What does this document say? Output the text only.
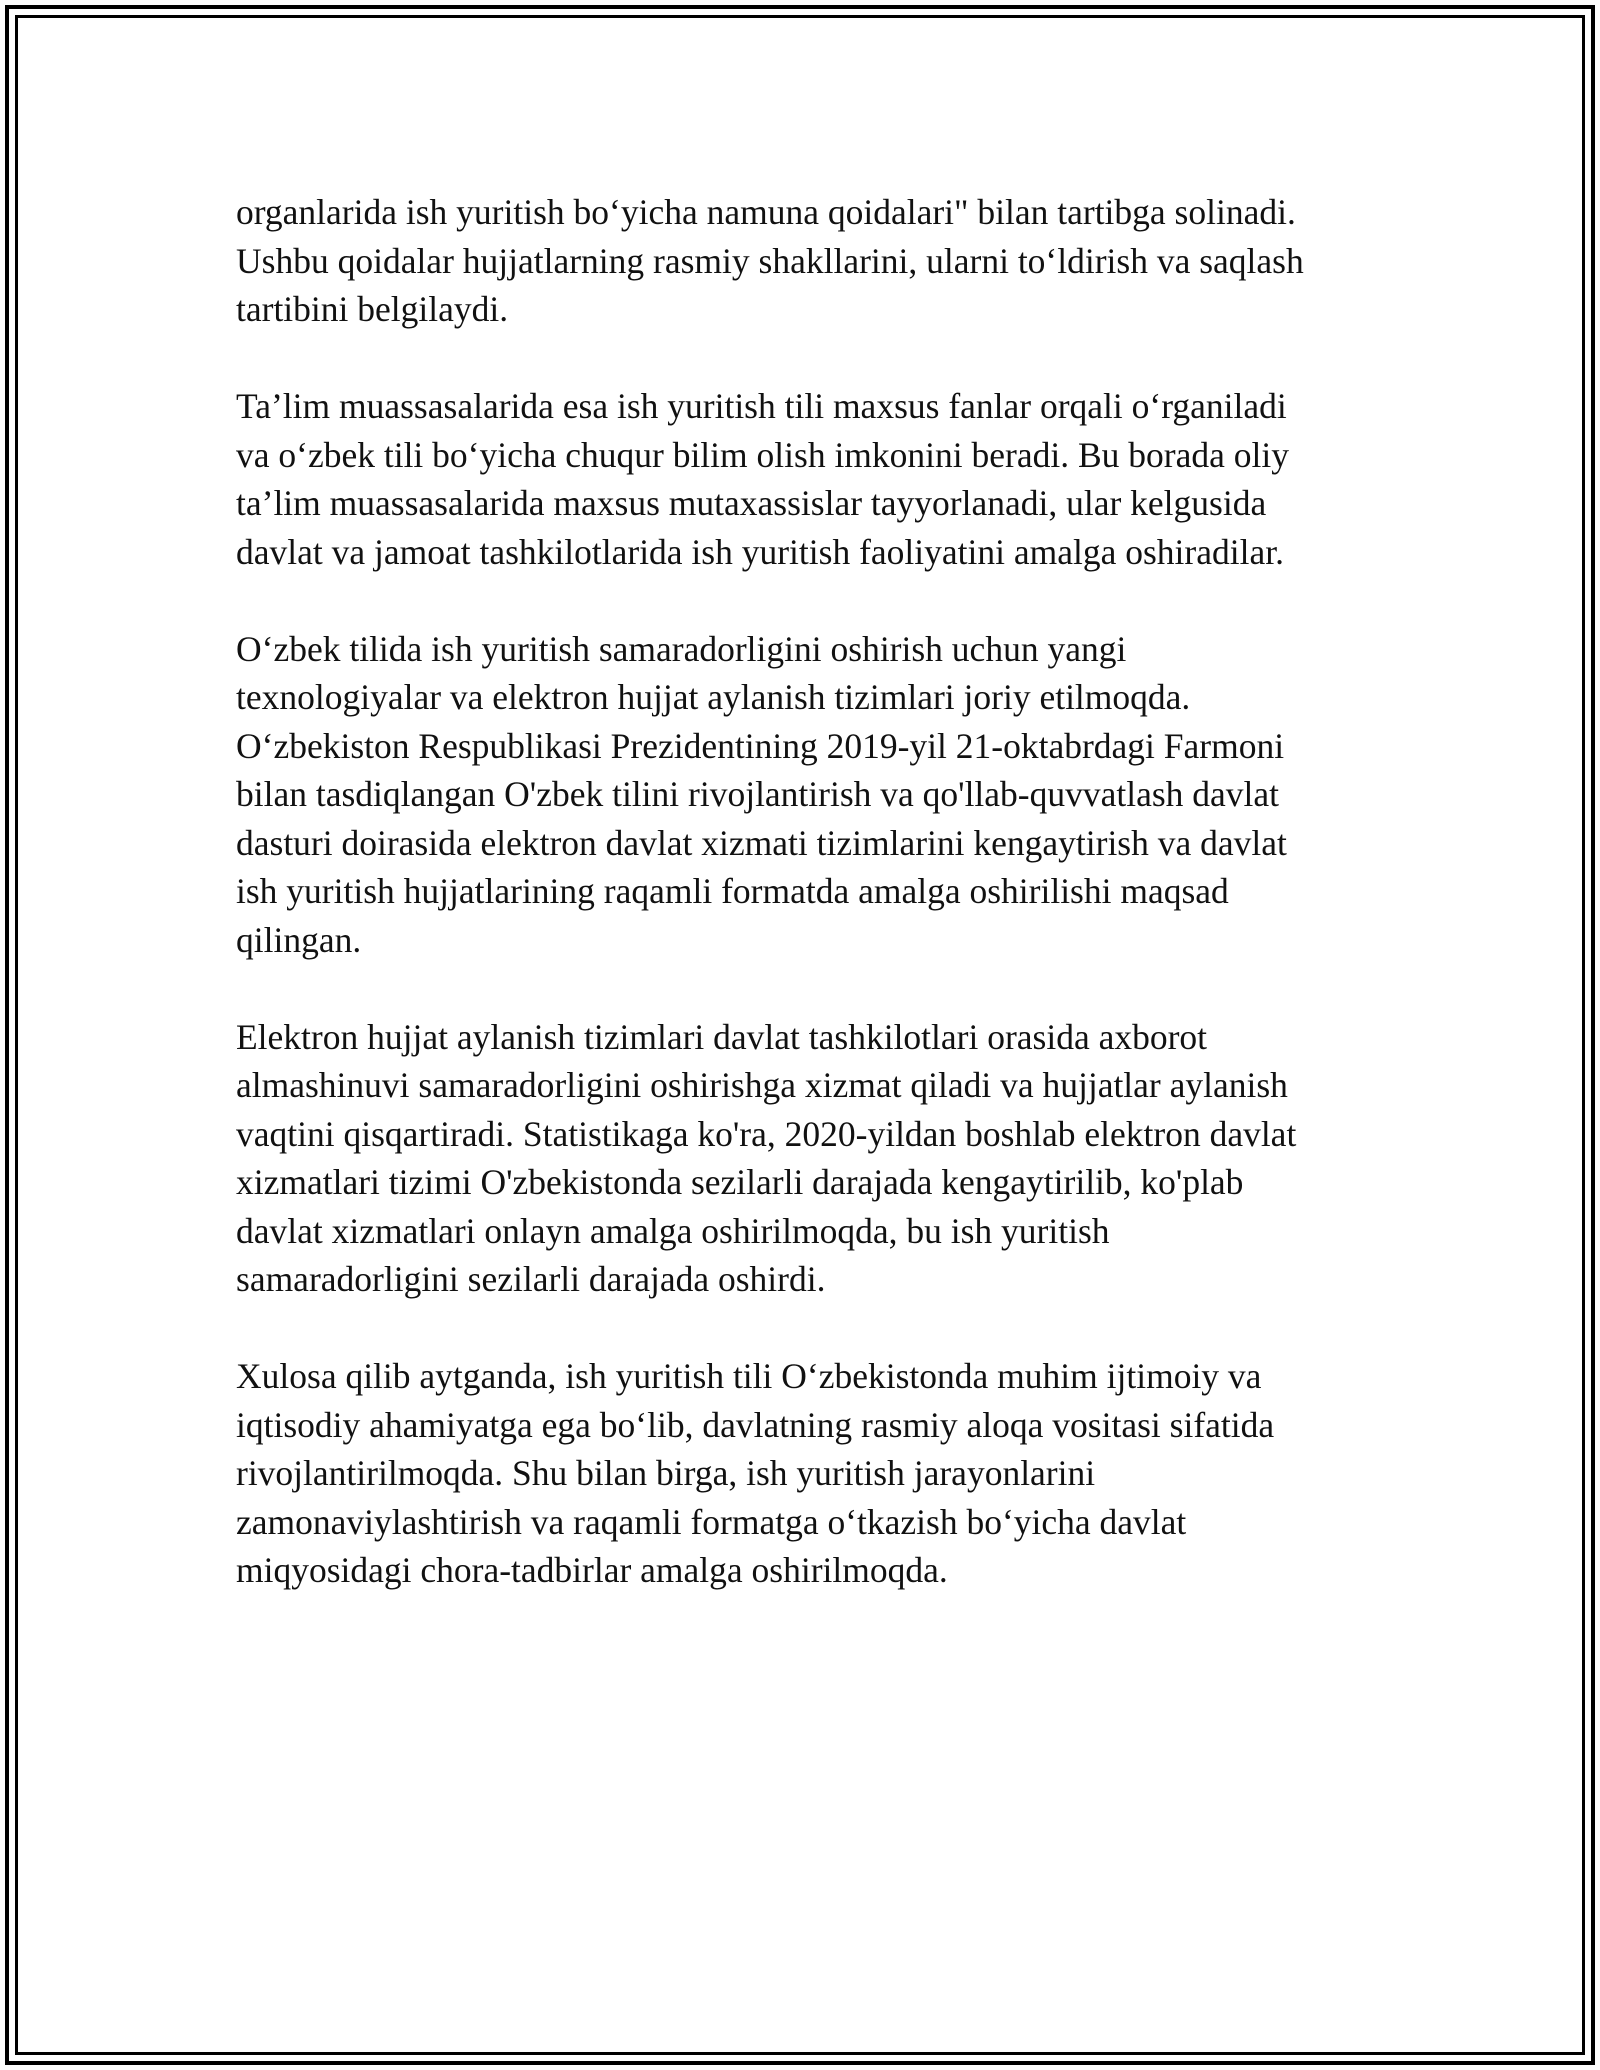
organlarida ish yuritish bo‘yicha namuna qoidalari" bilan tartibga solinadi.
Ushbu qoidalar hujjatlarning rasmiy shakllarini, ularni to‘ldirish va saqlash
tartibini belgilaydi.

Ta’lim muassasalarida esa ish yuritish tili maxsus fanlar orqali o‘rganiladi
va o‘zbek tili bo‘yicha chuqur bilim olish imkonini beradi. Bu borada oliy
ta’lim muassasalarida maxsus mutaxassislar tayyorlanadi, ular kelgusida
davlat va jamoat tashkilotlarida ish yuritish faoliyatini amalga oshiradilar.

O‘zbek tilida ish yuritish samaradorligini oshirish uchun yangi
texnologiyalar va elektron hujjat aylanish tizimlari joriy etilmoqda.
O‘zbekiston Respublikasi Prezidentining 2019-yil 21-oktabrdagi Farmoni
bilan tasdiqlangan O'zbek tilini rivojlantirish va qo'llab-quvvatlash davlat
dasturi doirasida elektron davlat xizmati tizimlarini kengaytirish va davlat
ish yuritish hujjatlarining raqamli formatda amalga oshirilishi maqsad
qilingan.

Elektron hujjat aylanish tizimlari davlat tashkilotlari orasida axborot
almashinuvi samaradorligini oshirishga xizmat qiladi va hujjatlar aylanish
vaqtini qisqartiradi. Statistikaga ko'ra, 2020-yildan boshlab elektron davlat
xizmatlari tizimi O'zbekistonda sezilarli darajada kengaytirilib, ko'plab
davlat xizmatlari onlayn amalga oshirilmoqda, bu ish yuritish
samaradorligini sezilarli darajada oshirdi.

Xulosa qilib aytganda, ish yuritish tili O‘zbekistonda muhim ijtimoiy va
iqtisodiy ahamiyatga ega bo‘lib, davlatning rasmiy aloqa vositasi sifatida
rivojlantirilmoqda. Shu bilan birga, ish yuritish jarayonlarini
zamonaviylashtirish va raqamli formatga o‘tkazish bo‘yicha davlat
miqyosidagi chora-tadbirlar amalga oshirilmoqda.
